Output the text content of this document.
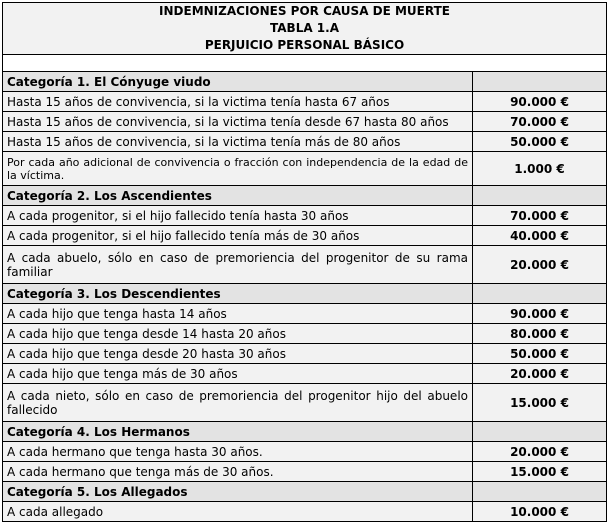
INDEMNIZACIONES POR CAUSA DE MUERTE
TABLA 1.A
PERJUICIO PERSONAL BÁSICO	

Categoría 1. El Cónyuge viudo	
Hasta 15 años de convivencia, si la victima tenía hasta 67 años	90.000 €
Hasta 15 años de convivencia, si la victima tenía desde 67 hasta 80 años	70.000 €
Hasta 15 años de convivencia, si la victima tenía más de 80 años	50.000 €
Por cada año adicional de convivencia o fracción con independencia de la edad de la víctima.	1.000 €
Categoría 2. Los Ascendientes	
A cada progenitor, si el hijo fallecido tenía hasta 30 años	70.000 €
A cada progenitor, si el hijo fallecido tenía más de 30 años	40.000 €
A cada abuelo, sólo en caso de premoriencia del progenitor de su rama familiar	20.000 €
Categoría 3. Los Descendientes	
A cada hijo que tenga hasta 14 años	90.000 €
A cada hijo que tenga desde 14 hasta 20 años	80.000 €
A cada hijo que tenga desde 20 hasta 30 años	50.000 €
A cada hijo que tenga más de 30 años	20.000 €
A cada nieto, sólo en caso de premoriencia del progenitor hijo del abuelo fallecido	15.000 €
Categoría 4. Los Hermanos	
A cada hermano que tenga hasta 30 años.	20.000 €
A cada hermano que tenga más de 30 años.	15.000 €
Categoría 5. Los Allegados	
A cada allegado	10.000 €
